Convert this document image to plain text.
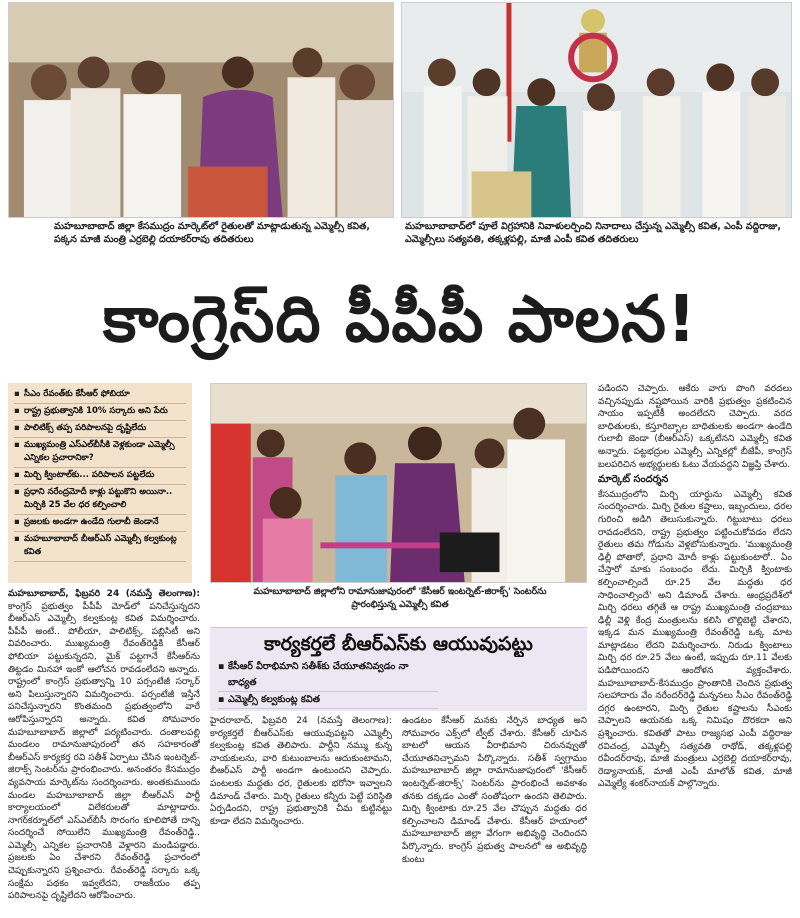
మహబూబాబాద్ జిల్లా కేసముద్రం మార్కెట్‌లో రైతులతో మాట్లాడుతున్న ఎమ్మెల్సీ కవిత, పక్కన మాజీ మంత్రి ఎర్రబెల్లి దయాకర్‌రావు తదితరులు
మహబూబాబాద్‌లో పూలే విగ్రహానికి నివాళులర్పించి నినాదాలు చేస్తున్న ఎమ్మెల్సీ కవిత, ఎంపీ వద్దిరాజు, ఎమ్మెల్సీలు సత్యవతి, తక్కళ్లపల్లి, మాజీ ఎంపీ కవిత తదితరులు
కాంగ్రెస్‌ది పీపీపీ పాలన!
▪ సీఎం రేవంత్‌కు కేసీఆర్ ఫోబియా
▪ రాష్ట్ర ప్రభుత్వానికి 10% సర్కారు అని పేరు
▪ పాలిటిక్స్ తప్ప పరిపాలనపై దృష్టిలేదు
▪ ముఖ్యమంత్రి ఎస్‌ఎల్‌బీసీకి వెళ్లకుండా ఎమ్మెల్సీ ఎన్నికల ప్రచారానికా?
▪ మిర్చి క్వింటాల్‌కు... పరిపాలన పట్టలేదు
▪ ప్రధాని నరేంద్రమోదీ కాళ్లు పట్టుకొని అయినా.. మిర్చికి 25 వేల ధర కల్పించాలి
▪ ప్రజలకు అండగా ఉండేది గులాబీ జెండానే
▪ మహబూబాబాద్ బీఆర్‌ఎస్ ఎమ్మెల్సీ కల్వకుంట్ల కవిత

మహబూబాబాద్, ఫిబ్రవరి 24 (నమస్తే తెలంగాణ): కాంగ్రెస్ ప్రభుత్వం పీపీపీ మోడ్‌లో పనిచేస్తున్నదని బీఆర్‌ఎస్ ఎమ్మెల్సీ కల్వకుంట్ల కవిత విమర్శించారు. పీపీపీ అంటే.. పోలీయా, పాలిటిక్స్, పబ్లిసిటీ అని వివరించారు. ముఖ్యమంత్రి రేవంత్‌రెడ్డికి కేసీఆర్ ఫోబియా పట్టుకున్నదని, మైక్ పట్టగానే కేసీఆర్‌ను తిట్టడం మినహా ఇంకో ఆలోచన రావడంలేదని అన్నారు. రాష్ట్రంలో కాంగ్రెస్ ప్రభుత్వాన్ని 10 పర్సంటేజీ సర్కార్ అని పిలుస్తున్నారని విమర్శించారు. పర్సంటేజీ ఇస్తేనే పనిచేస్తున్నారని కొంతమంది ప్రభుత్వంలోని వారే ఆరోపిస్తున్నారని అన్నారు. కవిత సోమవారం మహబూబాబాద్ జిల్లాలో పర్యటించారు. దంతాలపల్లి మండలం రామానుజాపురంలో తన సహకారంతో బీఆర్‌ఎస్ కార్యకర్త రవి సతీశ్ ఏర్పాటు చేసిన ఇంటర్నెట్-జిరాక్స్ సెంటర్‌ను ప్రారంభించారు. అనంతరం కేసముద్రం వ్యవసాయ మార్కెట్‌ను సందర్శించారు. అంతకుముందు మండల మహబూబాబాద్ జిల్లా బీఆర్‌ఎస్ పార్టీ కార్యాలయంలో విలేకరులతో మాట్లాడారు. నాగర్‌కర్నూల్‌లో ఎస్‌ఎల్‌బీసీ సొరంగం కూలిపోతే దాన్ని సందర్శించే సోయిలేని ముఖ్యమంత్రి రేవంత్‌రెడ్డి.. ఎమ్మెల్సీ ఎన్నికల ప్రచారానికి వెళ్లారని మండిపడ్డారు. ప్రజలకు ఏం చేశారని రేవంత్‌రెడ్డి ప్రచారంలో చెప్పుకున్నారని ప్రశ్నించారు. రేవంత్‌రెడ్డి సర్కారు ఒక్క సంక్షేమ పథకం ఇవ్వలేదని, రాజకీయం తప్ప పరిపాలనపై దృష్టిలేదని ఆరోపించారు.

మహబూబాబాద్ జిల్లాలోని రామానుజాపురంలో 'కేసీఆర్ ఇంటర్నెట్-జిరాక్స్' సెంటర్‌ను ప్రారంభిస్తున్న ఎమ్మెల్సీ కవిత
కార్యకర్తలే బీఆర్‌ఎస్‌కు ఆయువుపట్టు
▪ కేసీఆర్ వీరాభిమాని సతీశ్‌కు చేయూతనివ్వడం నా బాధ్యత
▪ ఎమ్మెల్సీ కల్వకుంట్ల కవిత

హైదరాబాద్, ఫిబ్రవరి 24 (నమస్తే తెలంగాణ): కార్యకర్తలే బీఆర్‌ఎస్‌కు ఆయువుపట్టని ఎమ్మెల్సీ కల్వకుంట్ల కవిత తెలిపారు. పార్టీని నమ్ము కున్న నాయకులను, వారి కుటుంబాలను ఆదుకుంటామని, బీఆర్‌ఎస్ పార్టీ అండగా ఉంటుందని చెప్పారు. పంటలకు మద్దతు ధర, రైతులకు భరోసా ఇవ్వాలని డిమాండ్ చేశారు. మిర్చి రైతులు కన్నీరు పెట్టే పరిస్థితి ఏర్పడిందని, రాష్ట్ర ప్రభుత్వానికి చీమ కుట్టినట్టు కూడా లేదని విమర్శించారు.

ఉండటం కేసీఆర్ మనకు నేర్పిన బాధ్యత అని సోమవారం ఎక్స్‌లో ట్వీట్ చేశారు. కేసీఆర్ చూపిన బాటలో ఆయన వీరాభిమాని చిరునవ్వుతో చేయూతనిచ్చామని పేర్కొన్నారు. సతీశ్ స్వగ్రామం మహబూబాబాద్ జిల్లా రామానుజాపురంలో 'కేసీఆర్ ఇంటర్నెట్-జిరాక్స్' సెంటర్‌ను ప్రారంభించే అవకాశం తనకు దక్కడం ఎంతో సంతోషంగా ఉందని తెలిపారు. మిర్చి క్వింటాకు రూ.25 వేల చొప్పున మద్దతు ధర కల్పించాలని డిమాండ్ చేశారు. కేసీఆర్ హయాంలో మహబూబాబాద్ జిల్లా వేగంగా అభివృద్ధి చెందిందని పేర్కొన్నారు. కాంగ్రెస్ ప్రభుత్వ పాలనలో ఆ అభివృద్ధి కుంటు

పడిందని చెప్పారు. ఆకేరు వాగు పొంగి వరదలు వచ్చినప్పుడు నష్టపోయిన వారికి ప్రభుత్వం ప్రకటించిన సాయం ఇప్పటికీ అందలేదని చెప్పారు. వరద బాధితులకు, కస్తూరిబ్బాల బాధితులకు అండగా ఉండేది గులాబీ జెండా (బీఆర్‌ఎస్) ఒక్కటేనని ఎమ్మెల్సీ కవిత అన్నారు. పట్టభద్రుల ఎమ్మెల్సీ ఎన్నికల్లో బీజేపీ, కాంగ్రెస్ బలపరిచిన అభ్యర్థులకు ఓటు వేయవద్దని విజ్ఞప్తి చేశారు.

మార్కెట్ సందర్శన

కేసముద్రంలోని మిర్చి యార్డును ఎమ్మెల్సీ కవిత సందర్శించారు. మిర్చి రైతుల కష్టాలు, ఇబ్బందులు, ధరల గురించి అడిగి తెలుసుకున్నారు. గిట్టుబాటు ధరలు రావడంలేదని, రాష్ట్ర ప్రభుత్వం పట్టించుకోవడం లేదని రైతులు తమ గోడును వెళ్లబోసుకున్నారు. 'ముఖ్యమంత్రి ఢిల్లీ పోతారో, ప్రధాని మోదీ కాళ్లు పట్టుకుంటారో.. ఏం చేస్తారో మాకు సంబంధం లేదు. మిర్చికి క్వింటాకు కల్పించాల్సిందే రూ.25 వేల మద్దతు ధర సాధించాల్సిందే' అని డిమాండ్ చేశారు. ఆంధ్రప్రదేశ్‌లో మిర్చి ధరలు తగ్గితే ఆ రాష్ట్ర ముఖ్యమంత్రి చంద్రబాబు ఢిల్లీ వెళ్లి కేంద్ర మంత్రులను కలిసి లొల్లిబెట్టి చేశారని, ఇక్కడ మన ముఖ్యమంత్రి రేవంత్‌రెడ్డి ఒక్క మాట మాట్లాడటం లేదని విమర్శించారు. నిరుడు క్వింటాలు మిర్చి ధర రూ.25 వేలు ఉంటే, ఇప్పుడు రూ.11 వేలకు పడిపోయిందని ఆందోళన వ్యక్తంచేశారు. మహబూబాబాద్-కేసముద్రం ప్రాంతానికి చెందిన ప్రభుత్వ సలహాదారు వేం నరేందర్‌రెడ్డి మన్ననలు సీఎం రేవంత్‌రెడ్డి దగ్గర ఉంటారని, మిర్చి రైతుల కష్టాలను సీఎంకు చెప్పాలని ఆయనకు ఒక్క నిమిషం దొరకదా అని ప్రశ్నించారు. కవితతో పాటు రాజ్యసభ ఎంపీ వద్దిరాజు రవిచంద్ర, ఎమ్మెల్సీ సత్యవతి రాథోడ్, తక్కళ్లపల్లి రవీందర్‌రావు, మాజీ మంత్రులు ఎర్రబెల్లి దయాకర్‌రావు, రెడ్యానాయక్, మాజీ ఎంపీ మాలోత్ కవిత, మాజీ ఎమ్మెల్యే శంకర్‌నాయక్ పాల్గొన్నారు.
